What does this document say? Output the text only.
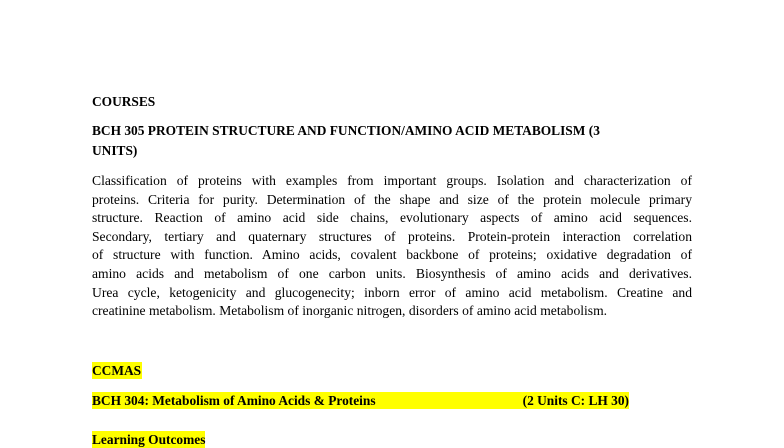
COURSES
BCH 305 PROTEIN STRUCTURE AND FUNCTION/AMINO ACID METABOLISM (3
UNITS)
Classification of proteins with examples from important groups. Isolation and characterization of
proteins. Criteria for purity. Determination of the shape and size of the protein molecule primary
structure. Reaction of amino acid side chains, evolutionary aspects of amino acid sequences.
Secondary, tertiary and quaternary structures of proteins. Protein-protein interaction correlation
of structure with function. Amino acids, covalent backbone of proteins; oxidative degradation of
amino acids and metabolism of one carbon units. Biosynthesis of amino acids and derivatives.
Urea cycle, ketogenicity and glucogenecity; inborn error of amino acid metabolism. Creatine and
creatinine metabolism. Metabolism of inorganic nitrogen, disorders of amino acid metabolism.
CCMAS
BCH 304: Metabolism of Amino Acids & Proteins	(2 Units C: LH 30)
Learning Outcomes
